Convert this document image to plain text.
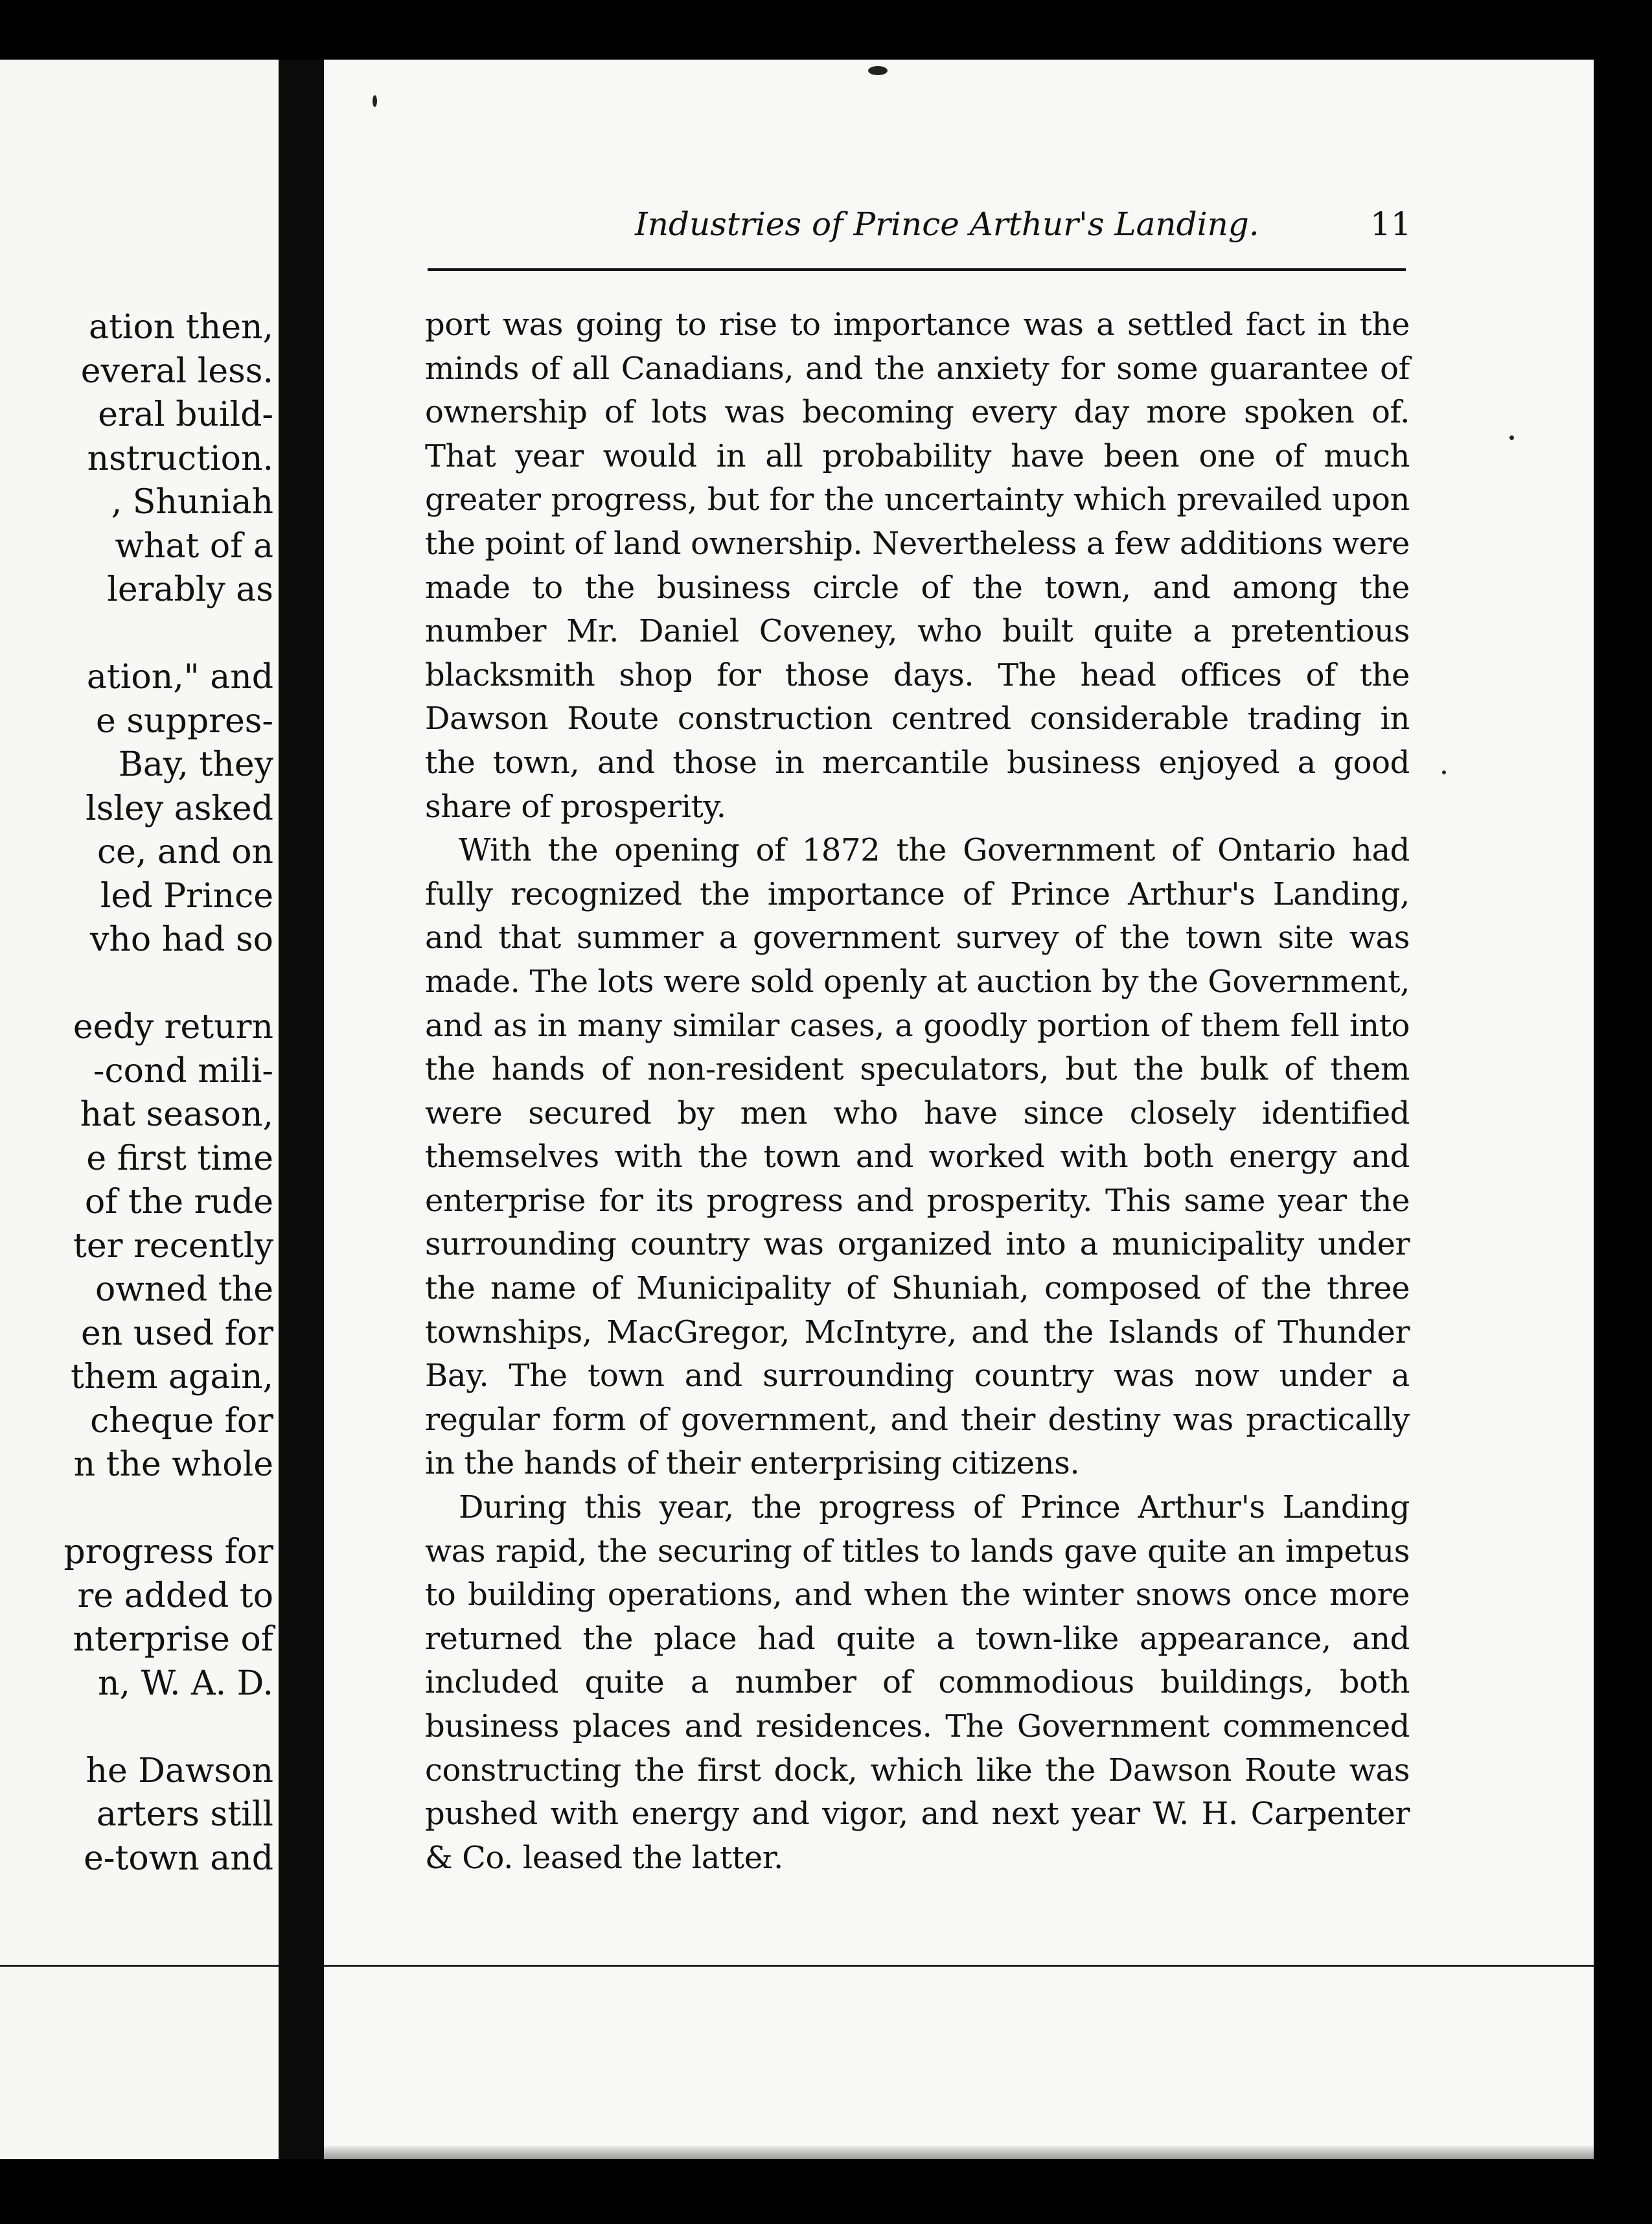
ation then,
everal less.
eral build-
nstruction.
, Shuniah
what of a
lerably as
ation," and
e suppres-
Bay, they
lsley asked
ce, and on
led Prince
vho had so
eedy return
-cond mili-
hat season,
e first time
of the rude
ter recently
owned the
en used for
them again,
cheque for
n the whole
progress for
re added to
nterprise of
n, W. A. D.
he Dawson
arters still
e-town and
Industries of Prince Arthur's Landing.	11

port was going to rise to importance was a settled fact in the minds of all Canadians, and the anxiety for some guarantee of ownership of lots was becoming every day more spoken of. That year would in all probability have been one of much greater progress, but for the uncertainty which prevailed upon the point of land ownership. Nevertheless a few additions were made to the business circle of the town, and among the number Mr. Daniel Coveney, who built quite a pretentious blacksmith shop for those days. The head offices of the Dawson Route construction centred considerable trading in the town, and those in mercantile business enjoyed a good share of prosperity.

With the opening of 1872 the Government of Ontario had fully recognized the importance of Prince Arthur's Landing, and that summer a government survey of the town site was made. The lots were sold openly at auction by the Government, and as in many similar cases, a goodly portion of them fell into the hands of non-resident speculators, but the bulk of them were secured by men who have since closely identified themselves with the town and worked with both energy and enterprise for its progress and prosperity. This same year the surrounding country was organized into a municipality under the name of Municipality of Shuniah, composed of the three townships, MacGregor, McIntyre, and the Islands of Thunder Bay. The town and surrounding country was now under a regular form of government, and their destiny was practically in the hands of their enterprising citizens.

During this year, the progress of Prince Arthur's Landing was rapid, the securing of titles to lands gave quite an impetus to building operations, and when the winter snows once more returned the place had quite a town-like appearance, and included quite a number of commodious buildings, both business places and residences. The Government commenced constructing the first dock, which like the Dawson Route was pushed with energy and vigor, and next year W. H. Carpenter & Co. leased the latter.
